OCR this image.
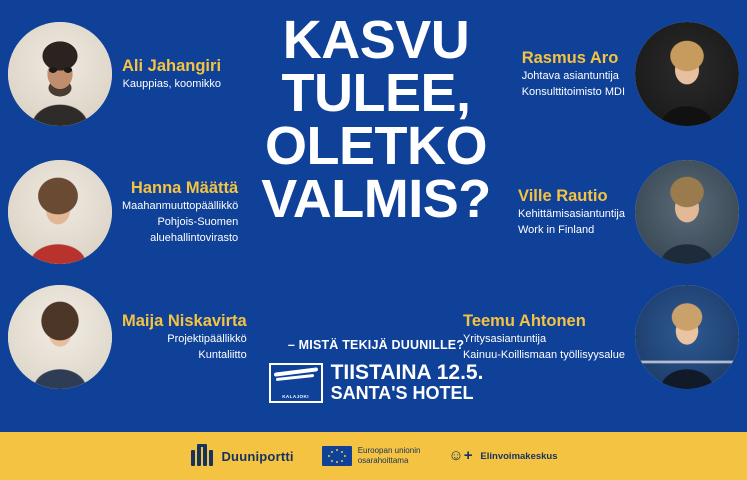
KASVU
TULEE,
OLETKO
VALMIS?
– MISTÄ TEKIJÄ DUUNILLE?
KALAJOKI
TIISTAINA 12.5.
SANTA'S HOTEL
Ali Jahangiri
Kauppias, koomikko
Hanna Määttä
Maahanmuuttopäällikkö
Pohjois-Suomen
aluehallintovirasto
Maija Niskavirta
Projektipäällikkö
Kuntaliitto
Rasmus Aro
Johtava asiantuntija
Konsulttitoimisto MDI
Ville Rautio
Kehittämisasiantuntija
Work in Finland
Teemu Ahtonen
Yritysasiantuntija
Kainuu-Koillismaan työllisyysalue
Duuniportti	Euroopan unionin
osarahoittama	☺+ Elinvoimakeskus
